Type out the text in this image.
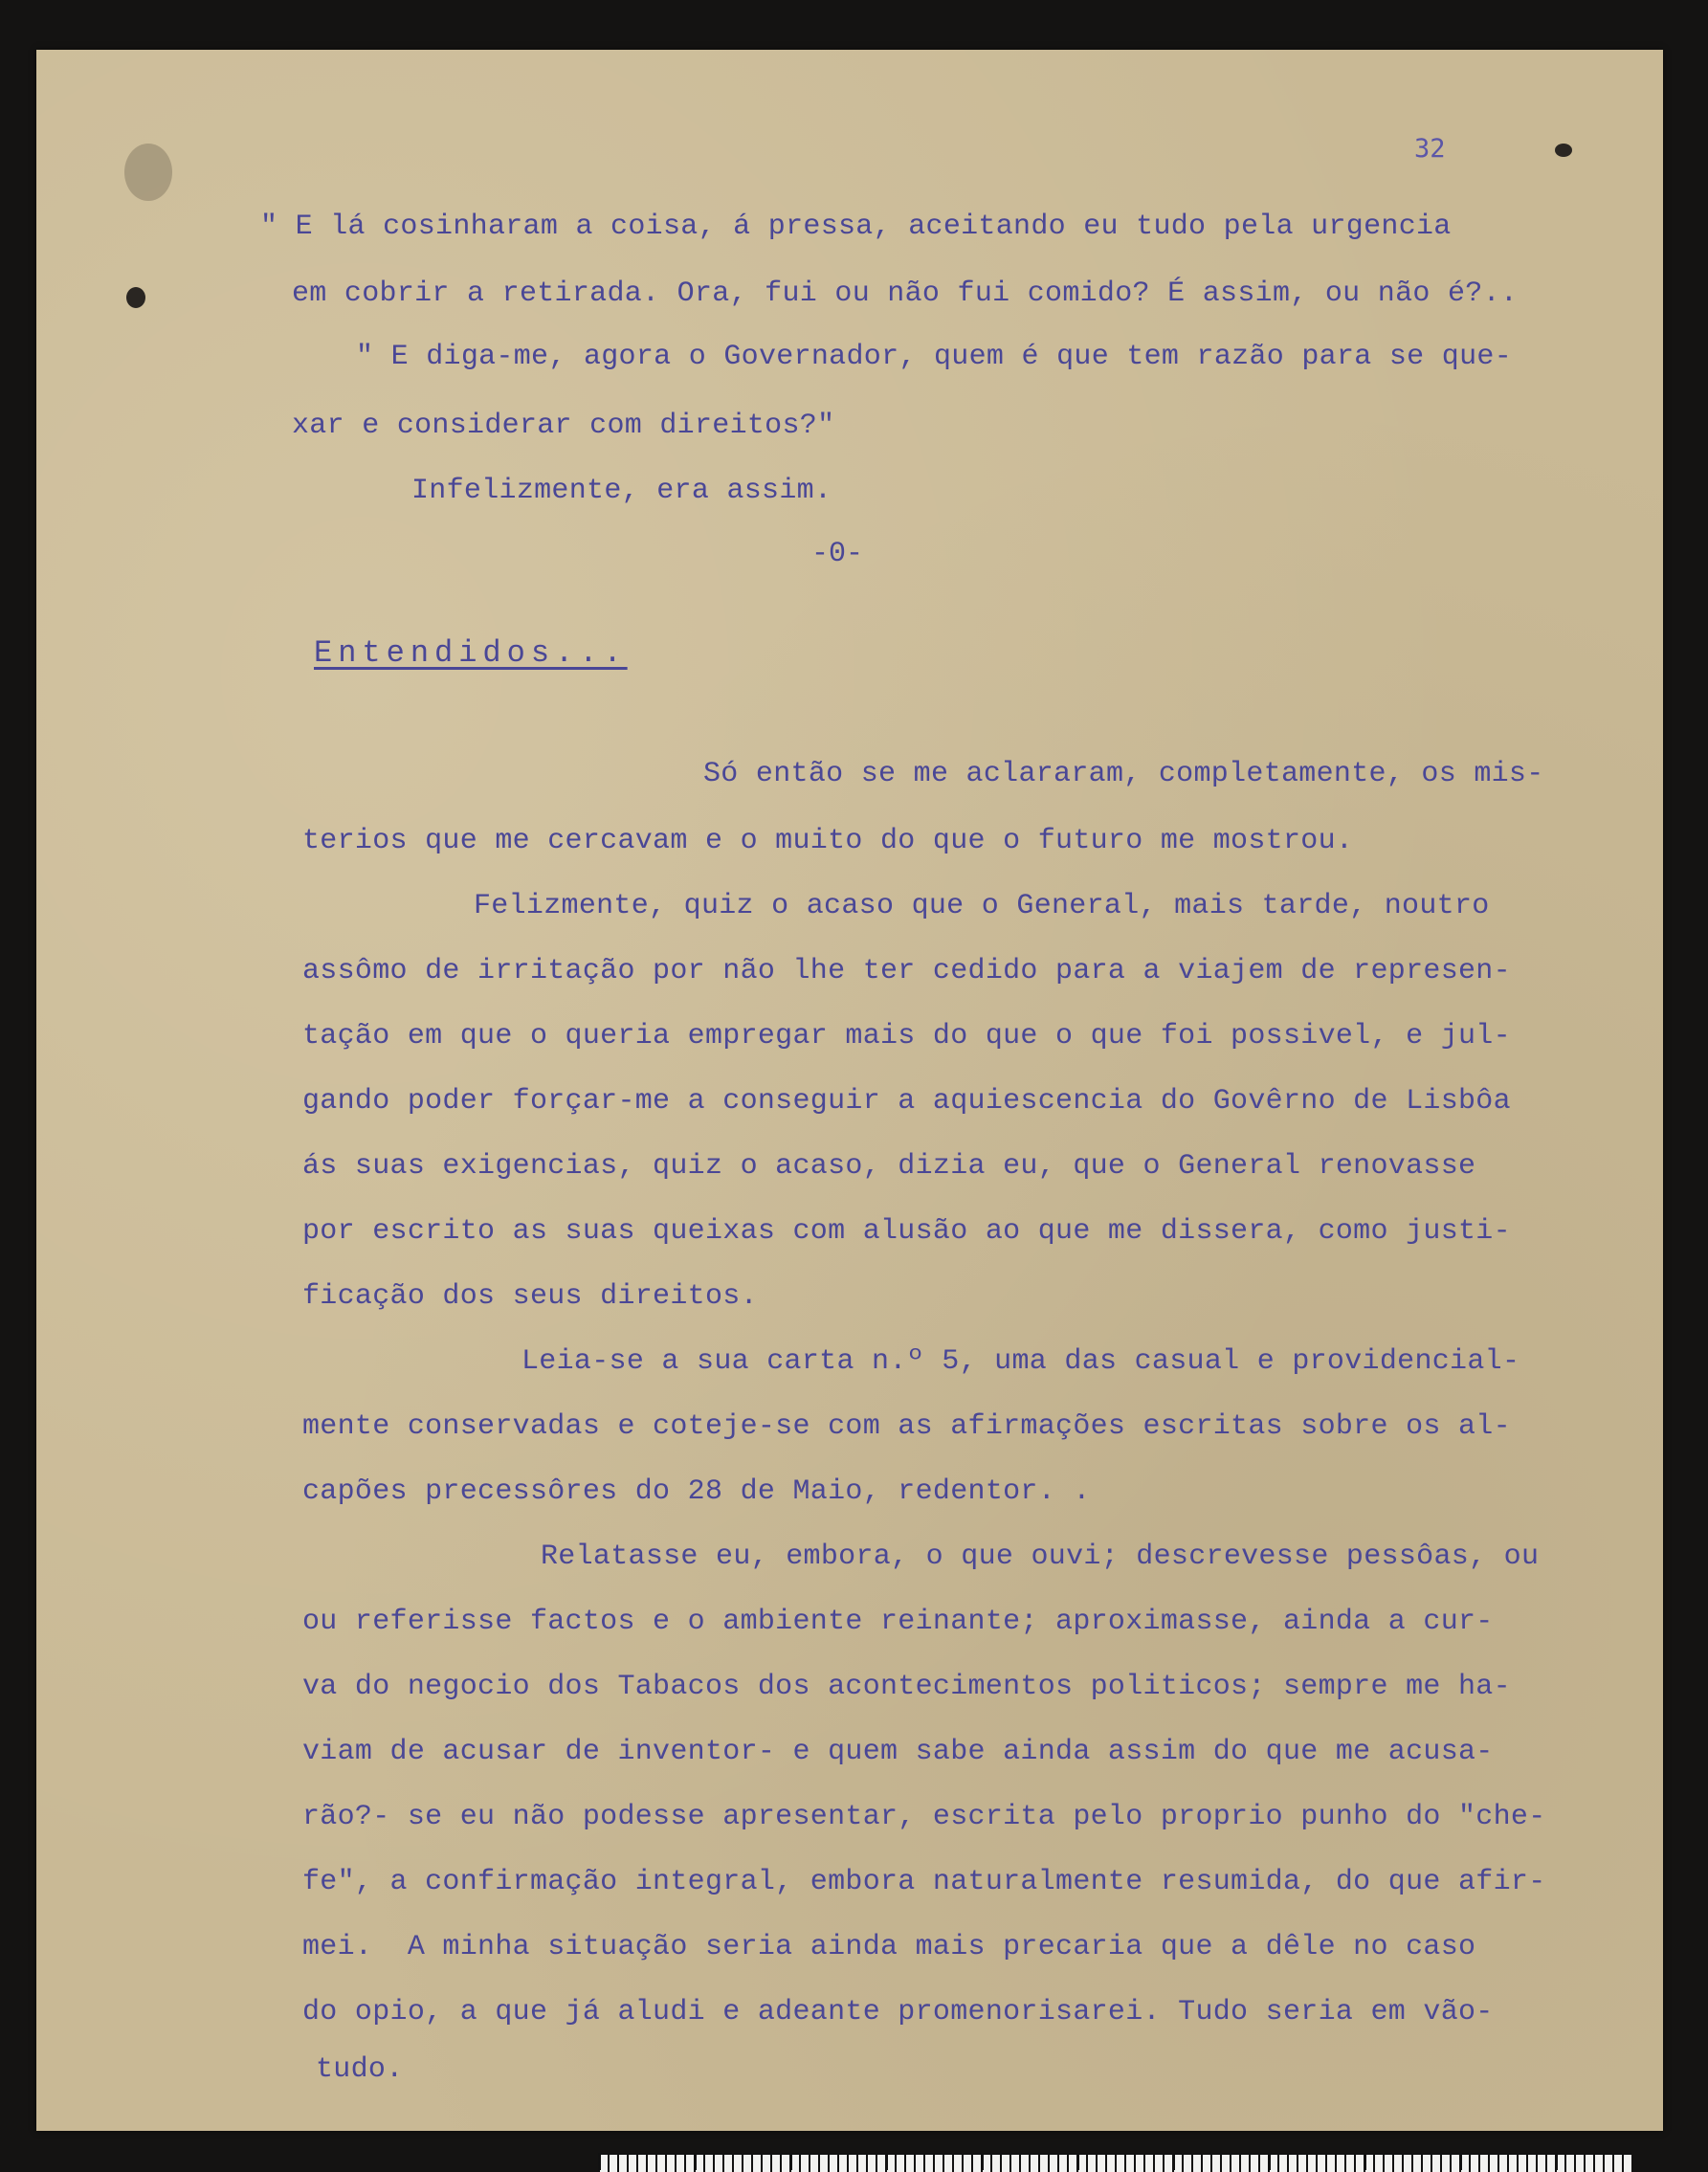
32
" E lá cosinharam a coisa, á pressa, aceitando eu tudo pela urgencia
em cobrir a retirada. Ora, fui ou não fui comido? É assim, ou não é?..
" E diga-me, agora o Governador, quem é que tem razão para se que-
xar e considerar com direitos?"
Infelizmente, era assim.
-0-
Entendidos...
Só então se me aclararam, completamente, os mis-
terios que me cercavam e o muito do que o futuro me mostrou.
Felizmente, quiz o acaso que o General, mais tarde, noutro
assômo de irritação por não lhe ter cedido para a viajem de represen-
tação em que o queria empregar mais do que o que foi possivel, e jul-
gando poder forçar-me a conseguir a aquiescencia do Govêrno de Lisbôa
ás suas exigencias, quiz o acaso, dizia eu, que o General renovasse
por escrito as suas queixas com alusão ao que me dissera, como justi-
ficação dos seus direitos.
Leia-se a sua carta n.º 5, uma das casual e providencial-
mente conservadas e coteje-se com as afirmações escritas sobre os al-
capões precessôres do 28 de Maio, redentor. .
Relatasse eu, embora, o que ouvi; descrevesse pessôas, ou
ou referisse factos e o ambiente reinante; aproximasse, ainda a cur-
va do negocio dos Tabacos dos acontecimentos politicos; sempre me ha-
viam de acusar de inventor- e quem sabe ainda assim do que me acusa-
rão?- se eu não podesse apresentar, escrita pelo proprio punho do "che-
fe", a confirmação integral, embora naturalmente resumida, do que afir-
mei.  A minha situação seria ainda mais precaria que a dêle no caso
do opio, a que já aludi e adeante promenorisarei. Tudo seria em vão-
tudo.
